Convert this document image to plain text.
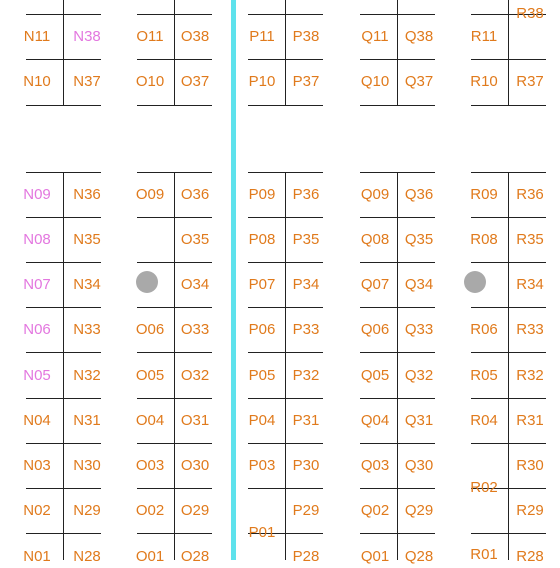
N11
N10
N09
N08
N07
N06
N05
N04
N03
N02
N01
N38
N37
N36
N35
N34
N33
N32
N31
N30
N29
N28
O11
O10
O09
O06
O05
O04
O03
O02
O01
O38
O37
O36
O35
O34
O33
O32
O31
O30
O29
O28
P11
P10
P09
P08
P07
P06
P05
P04
P03
P01
P38
P37
P36
P35
P34
P33
P32
P31
P30
P29
P28
Q11
Q10
Q09
Q08
Q07
Q06
Q05
Q04
Q03
Q02
Q01
Q38
Q37
Q36
Q35
Q34
Q33
Q32
Q31
Q30
Q29
Q28
R11
R10
R09
R08
R06
R05
R04
R02
R01
R38
R37
R36
R35
R34
R33
R32
R31
R30
R29
R28
